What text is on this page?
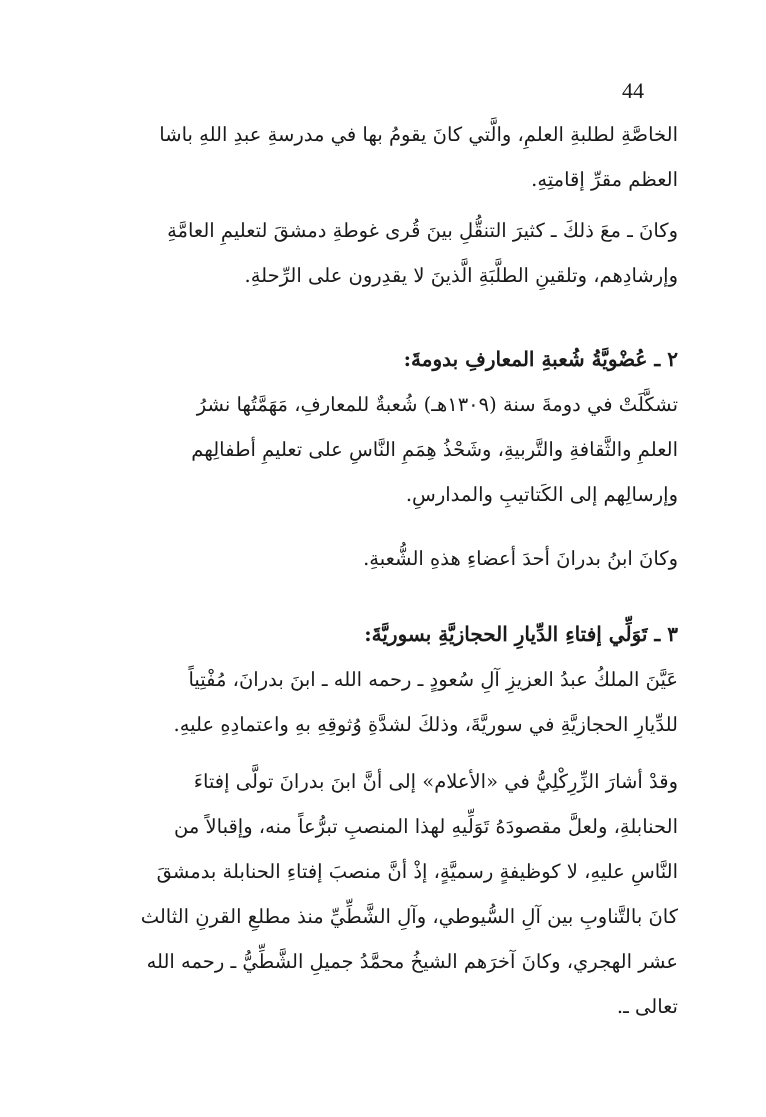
44
الخاصَّةِ لطلبةِ العلمِ، والَّتي كانَ يقومُ بها في مدرسةِ عبدِ اللهِ باشا
العظم مقرِّ إقامتِهِ.
وكانَ ـ معَ ذلكَ ـ كثيرَ التنقُّلِ بينَ قُرى غوطةِ دمشقَ لتعليمِ العامَّةِ
وإرشادِهم، وتلقينِ الطلَّبَةِ الَّذينَ لا يقدِرون على الرِّحلةِ.
٢ ـ عُضْويَّةُ شُعبةِ المعارفِ بدومةَ:
تشكَّلَتْ في دومةَ سنة (١٣٠٩هـ) شُعبةٌ للمعارفِ، مَهَمَّتُها نشرُ
العلمِ والثَّقافةِ والتَّربيةِ، وشَحْذُ هِمَمِ النَّاسِ على تعليمِ أطفالِهم
وإرسالِهم إلى الكَتاتيبِ والمدارسِ.
وكانَ ابنُ بدرانَ أحدَ أعضاءِ هذهِ الشُّعبةِ.
٣ ـ تَوَلِّي إفتاءِ الدِّيارِ الحجازيَّةِ بسوريَّةَ:
عَيَّنَ الملكُ عبدُ العزيزِ آلِ سُعودٍ ـ رحمه الله ـ ابنَ بدرانَ، مُفْتِياً
للدِّيارِ الحجازيَّةِ في سوريَّةَ، وذلكَ لشدَّةِ وُثوقِهِ بهِ واعتمادِهِ عليهِ.
وقدْ أشارَ الزِّرِكْلِيُّ في «الأعلام» إلى أنَّ ابنَ بدرانَ تولَّى إفتاءَ
الحنابلةِ، ولعلَّ مقصودَهُ تَوَلِّيهِ لهذا المنصبِ تبرُّعاً منه، وإقبالاً من
النَّاسِ عليهِ، لا كوظيفةٍ رسميَّةٍ، إذْ أنَّ منصبَ إفتاءِ الحنابلة بدمشقَ
كانَ بالتَّناوبِ بين آلِ السُّيوطي، وآلِ الشَّطِّيِّ منذ مطلعِ القرنِ الثالث
عشر الهجري، وكانَ آخرَهم الشيخُ محمَّدُ جميلِ الشَّطِّيُّ ـ رحمه الله
تعالى ـ.
